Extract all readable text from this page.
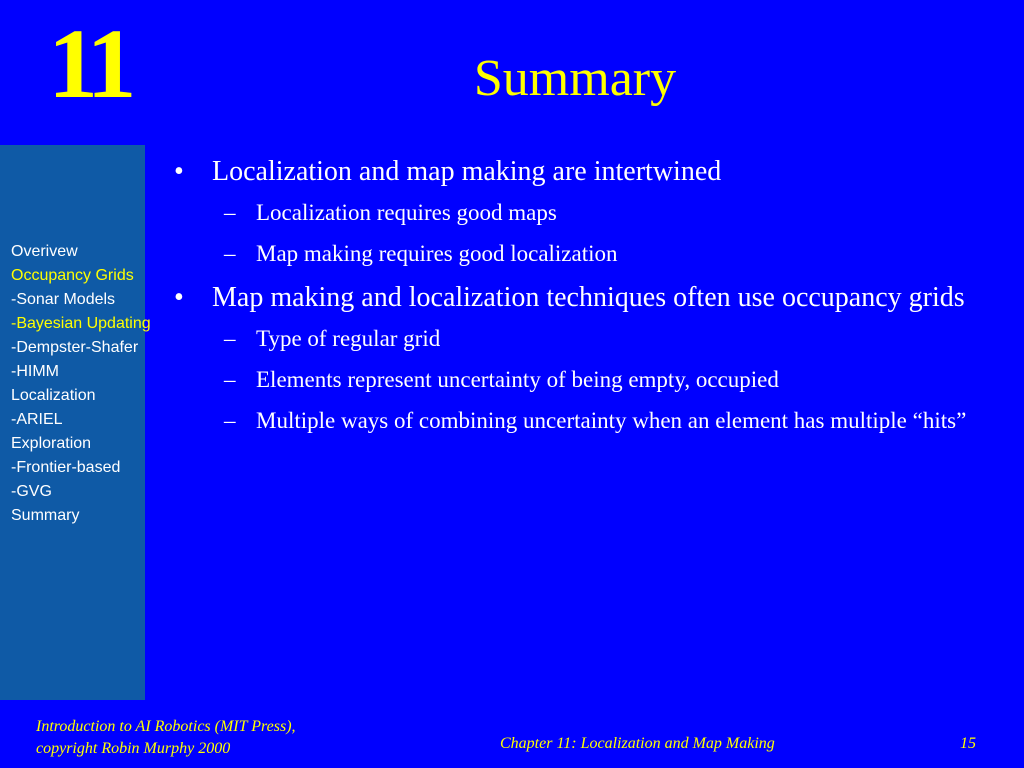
11	Summary
Overivew
Occupancy Grids
-Sonar Models
-Bayesian Updating
-Dempster-Shafer
-HIMM
Localization
-ARIEL
Exploration
-Frontier-based
-GVG
Summary
•	Localization and map making are intertwined
– Localization requires good maps
– Map making requires good localization
•	Map making and localization techniques often use occupancy grids
– Type of regular grid
– Elements represent uncertainty of being empty, occupied
– Multiple ways of combining uncertainty when an element has multiple “hits”
Introduction to AI Robotics (MIT Press),
copyright Robin Murphy 2000	Chapter 11: Localization and Map Making	15
